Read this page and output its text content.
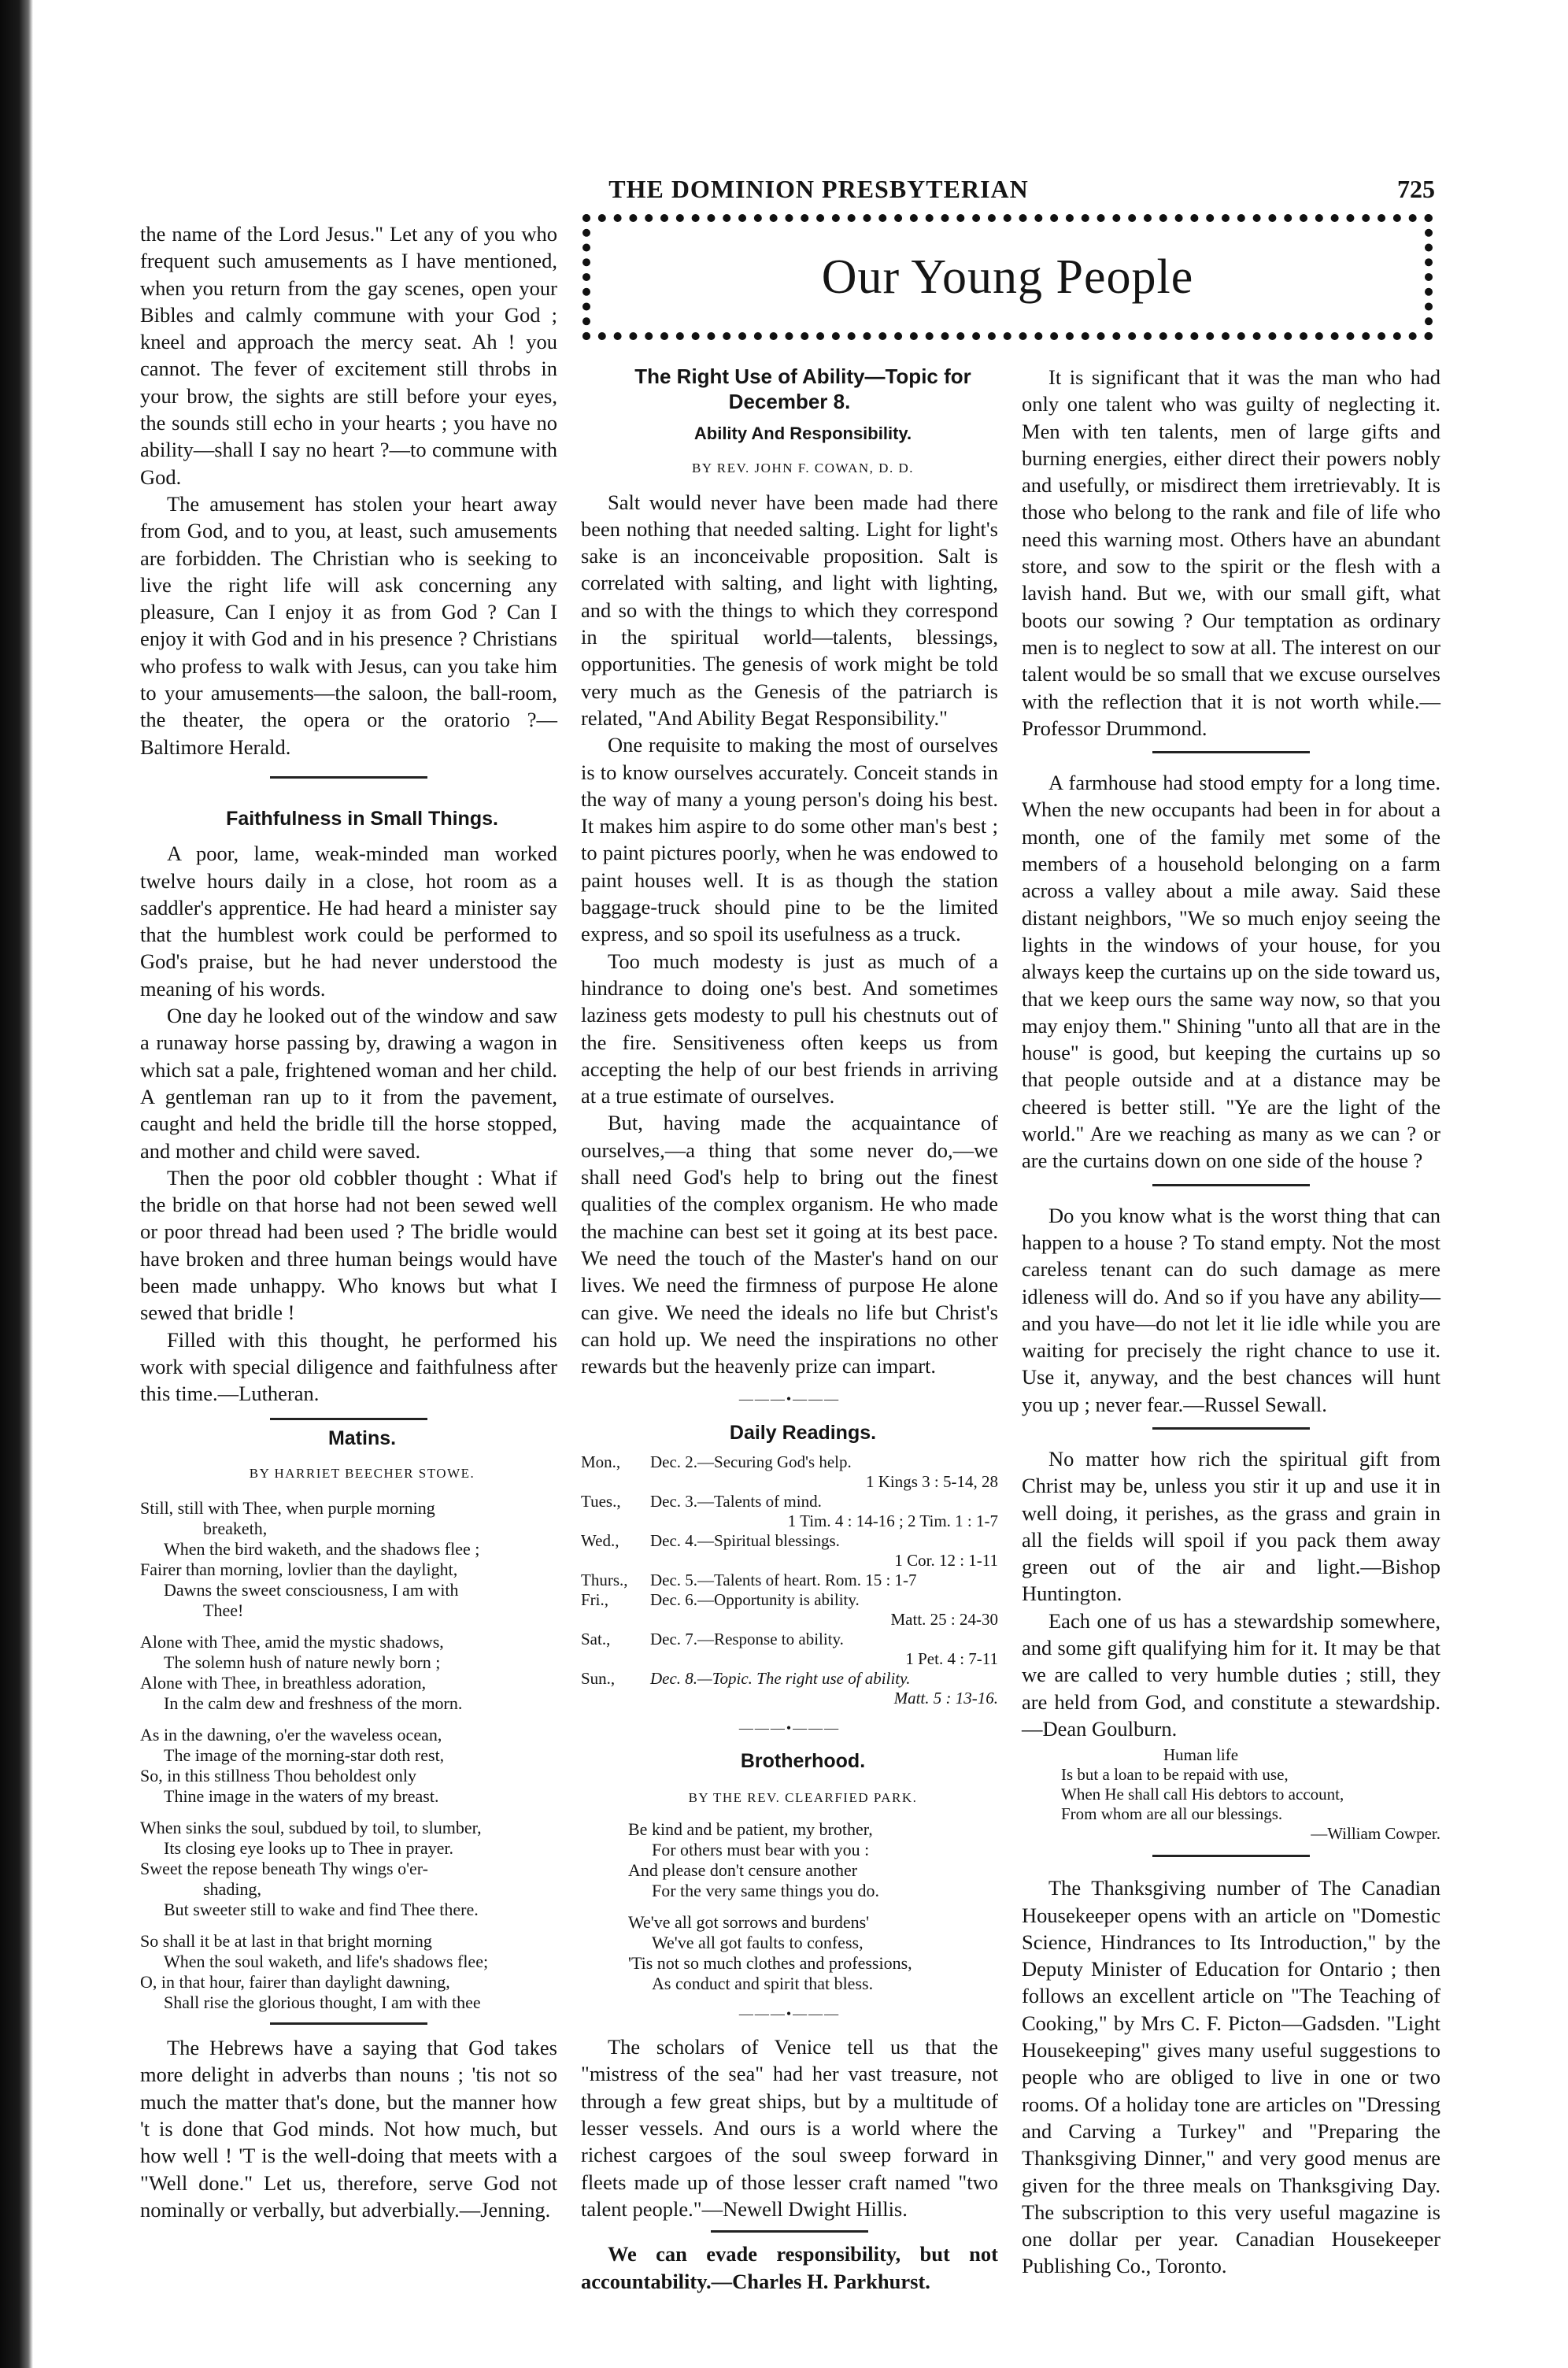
THE DOMINION PRESBYTERIAN	725
Our Young People

the name of the Lord Jesus." Let any of you who frequent such amusements as I have mentioned, when you return from the gay scenes, open your Bibles and calmly commune with your God ; kneel and approach the mercy seat. Ah ! you cannot. The fever of excitement still throbs in your brow, the sights are still before your eyes, the sounds still echo in your hearts ; you have no ability—shall I say no heart ?—to commune with God.

The amusement has stolen your heart away from God, and to you, at least, such amusements are forbidden. The Christian who is seeking to live the right life will ask concerning any pleasure, Can I enjoy it as from God ? Can I enjoy it with God and in his presence ? Christians who profess to walk with Jesus, can you take him to your amusements—the saloon, the ball-room, the theater, the opera or the oratorio ?—Baltimore Herald.

Faithfulness in Small Things.

A poor, lame, weak-minded man worked twelve hours daily in a close, hot room as a saddler's apprentice. He had heard a minister say that the humblest work could be performed to God's praise, but he had never understood the meaning of his words.

One day he looked out of the window and saw a runaway horse passing by, drawing a wagon in which sat a pale, frightened woman and her child. A gentleman ran up to it from the pavement, caught and held the bridle till the horse stopped, and mother and child were saved.

Then the poor old cobbler thought : What if the bridle on that horse had not been sewed well or poor thread had been used ? The bridle would have broken and three human beings would have been made unhappy. Who knows but what I sewed that bridle !

Filled with this thought, he performed his work with special diligence and faithfulness after this time.—Lutheran.

Matins.

BY HARRIET BEECHER STOWE.

Still, still with Thee, when purple morning
breaketh,
When the bird waketh, and the shadows flee ;
Fairer than morning, lovlier than the daylight,
Dawns the sweet consciousness, I am with
Thee!
Alone with Thee, amid the mystic shadows,
The solemn hush of nature newly born ;
Alone with Thee, in breathless adoration,
In the calm dew and freshness of the morn.
As in the dawning, o'er the waveless ocean,
The image of the morning-star doth rest,
So, in this stillness Thou beholdest only
Thine image in the waters of my breast.
When sinks the soul, subdued by toil, to slumber,
Its closing eye looks up to Thee in prayer.
Sweet the repose beneath Thy wings o'er-
shading,
But sweeter still to wake and find Thee there.
So shall it be at last in that bright morning
When the soul waketh, and life's shadows flee;
O, in that hour, fairer than daylight dawning,
Shall rise the glorious thought, I am with thee

The Hebrews have a saying that God takes more delight in adverbs than nouns ; 'tis not so much the matter that's done, but the manner how 't is done that God minds. Not how much, but how well ! 'T is the well-doing that meets with a "Well done." Let us, therefore, serve God not nominally or verbally, but adverbially.—Jenning.

The Right Use of Ability—Topic for December 8.

Ability And Responsibility.

BY REV. JOHN F. COWAN, D. D.

Salt would never have been made had there been nothing that needed salting. Light for light's sake is an inconceivable proposition. Salt is correlated with salting, and light with lighting, and so with the things to which they correspond in the spiritual world—talents, blessings, opportunities. The genesis of work might be told very much as the Genesis of the patriarch is related, "And Ability Begat Responsibility."

One requisite to making the most of ourselves is to know ourselves accurately. Conceit stands in the way of many a young person's doing his best. It makes him aspire to do some other man's best ; to paint pictures poorly, when he was endowed to paint houses well. It is as though the station baggage-truck should pine to be the limited express, and so spoil its usefulness as a truck.

Too much modesty is just as much of a hindrance to doing one's best. And sometimes laziness gets modesty to pull his chestnuts out of the fire. Sensitiveness often keeps us from accepting the help of our best friends in arriving at a true estimate of ourselves.

But, having made the acquaintance of ourselves,—a thing that some never do,—we shall need God's help to bring out the finest qualities of the complex organism. He who made the machine can best set it going at its best pace. We need the touch of the Master's hand on our lives. We need the firmness of purpose He alone can give. We need the ideals no life but Christ's can hold up. We need the inspirations no other rewards but the heavenly prize can impart.

———•———

Daily Readings.

Mon.,	Dec. 2.—Securing God's help.
1 Kings 3 : 5-14, 28
Tues.,	Dec. 3.—Talents of mind.
1 Tim. 4 : 14-16 ; 2 Tim. 1 : 1-7
Wed.,	Dec. 4.—Spiritual blessings.
1 Cor. 12 : 1-11
Thurs.,	Dec. 5.—Talents of heart. Rom. 15 : 1-7
Fri.,	Dec. 6.—Opportunity is ability.
Matt. 25 : 24-30
Sat.,	Dec. 7.—Response to ability.
1 Pet. 4 : 7-11
Sun.,	Dec. 8.—Topic. The right use of ability.
Matt. 5 : 13-16.
———•———

Brotherhood.

BY THE REV. CLEARFIED PARK.

Be kind and be patient, my brother,
For others must bear with you :
And please don't censure another
For the very same things you do.
We've all got sorrows and burdens'
We've all got faults to confess,
'Tis not so much clothes and professions,
As conduct and spirit that bless.
———•———

The scholars of Venice tell us that the "mistress of the sea" had her vast treasure, not through a few great ships, but by a multitude of lesser vessels. And ours is a world where the richest cargoes of the soul sweep forward in fleets made up of those lesser craft named "two talent people."—Newell Dwight Hillis.

We can evade responsibility, but not accountability.—Charles H. Parkhurst.

It is significant that it was the man who had only one talent who was guilty of neglecting it. Men with ten talents, men of large gifts and burning energies, either direct their powers nobly and usefully, or misdirect them irretrievably. It is those who belong to the rank and file of life who need this warning most. Others have an abundant store, and sow to the spirit or the flesh with a lavish hand. But we, with our small gift, what boots our sowing ? Our temptation as ordinary men is to neglect to sow at all. The interest on our talent would be so small that we excuse ourselves with the reflection that it is not worth while.—Professor Drummond.

A farmhouse had stood empty for a long time. When the new occupants had been in for about a month, one of the family met some of the members of a household belonging on a farm across a valley about a mile away. Said these distant neighbors, "We so much enjoy seeing the lights in the windows of your house, for you always keep the curtains up on the side toward us, that we keep ours the same way now, so that you may enjoy them." Shining "unto all that are in the house" is good, but keeping the curtains up so that people outside and at a distance may be cheered is better still. "Ye are the light of the world." Are we reaching as many as we can ? or are the curtains down on one side of the house ?

Do you know what is the worst thing that can happen to a house ? To stand empty. Not the most careless tenant can do such damage as mere idleness will do. And so if you have any ability—and you have—do not let it lie idle while you are waiting for precisely the right chance to use it. Use it, anyway, and the best chances will hunt you up ; never fear.—Russel Sewall.

No matter how rich the spiritual gift from Christ may be, unless you stir it up and use it in well doing, it perishes, as the grass and grain in all the fields will spoil if you pack them away green out of the air and light.—Bishop Huntington.

Each one of us has a stewardship somewhere, and some gift qualifying him for it. It may be that we are called to very humble duties ; still, they are held from God, and constitute a stewardship.—Dean Goulburn.

Human life
Is but a loan to be repaid with use,
When He shall call His debtors to account,
From whom are all our blessings.
—William Cowper.

The Thanksgiving number of The Canadian Housekeeper opens with an article on "Domestic Science, Hindrances to Its Introduction," by the Deputy Minister of Education for Ontario ; then follows an excellent article on "The Teaching of Cooking," by Mrs C. F. Picton—Gadsden. "Light Housekeeping" gives many useful suggestions to people who are obliged to live in one or two rooms. Of a holiday tone are articles on "Dressing and Carving a Turkey" and "Preparing the Thanksgiving Dinner," and very good menus are given for the three meals on Thanksgiving Day. The subscription to this very useful magazine is one dollar per year. Canadian Housekeeper Publishing Co., Toronto.
